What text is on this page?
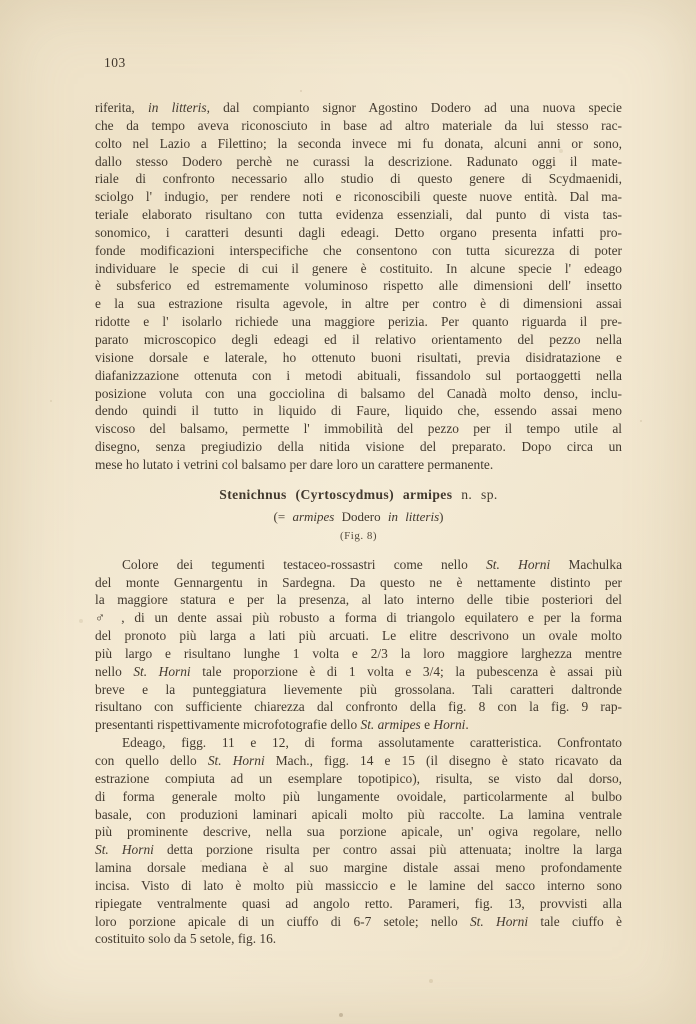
103
riferita, in litteris, dal compianto signor Agostino Dodero ad una nuova specie
che da tempo aveva riconosciuto in base ad altro materiale da lui stesso rac-
colto nel Lazio a Filettino; la seconda invece mi fu donata, alcuni anni or sono,
dallo stesso Dodero perchè ne curassi la descrizione. Radunato oggi il mate-
riale di confronto necessario allo studio di questo genere di Scydmaenidi,
sciolgo l' indugio, per rendere noti e riconoscibili queste nuove entità. Dal ma-
teriale elaborato risultano con tutta evidenza essenziali, dal punto di vista tas-
sonomico, i caratteri desunti dagli edeagi. Detto organo presenta infatti pro-
fonde modificazioni interspecifiche che consentono con tutta sicurezza di poter
individuare le specie di cui il genere è costituito. In alcune specie l' edeago
è subsferico ed estremamente voluminoso rispetto alle dimensioni dell' insetto
e la sua estrazione risulta agevole, in altre per contro è di dimensioni assai
ridotte e l' isolarlo richiede una maggiore perizia. Per quanto riguarda il pre-
parato microscopico degli edeagi ed il relativo orientamento del pezzo nella
visione dorsale e laterale, ho ottenuto buoni risultati, previa disidratazione e
diafanizzazione ottenuta con i metodi abituali, fissandolo sul portaoggetti nella
posizione voluta con una gocciolina di balsamo del Canadà molto denso, inclu-
dendo quindi il tutto in liquido di Faure, liquido che, essendo assai meno
viscoso del balsamo, permette l' immobilità del pezzo per il tempo utile al
disegno, senza pregiudizio della nitida visione del preparato. Dopo circa un
mese ho lutato i vetrini col balsamo per dare loro un carattere permanente.
Stenichnus (Cyrtoscydmus) armipes n. sp.
(= armipes Dodero in litteris)
(Fig. 8)
Colore dei tegumenti testaceo-rossastri come nello St. Horni Machulka
del monte Gennargentu in Sardegna. Da questo ne è nettamente distinto per
la maggiore statura e per la presenza, al lato interno delle tibie posteriori del
♂ , di un dente assai più robusto a forma di triangolo equilatero e per la forma
del pronoto più larga a lati più arcuati. Le elitre descrivono un ovale molto
più largo e risultano lunghe 1 volta e 2/3 la loro maggiore larghezza mentre
nello St. Horni tale proporzione è di 1 volta e 3/4; la pubescenza è assai più
breve e la punteggiatura lievemente più grossolana. Tali caratteri daltronde
risultano con sufficiente chiarezza dal confronto della fig. 8 con la fig. 9 rap-
presentanti rispettivamente microfotografie dello St. armipes e Horni.
Edeago, figg. 11 e 12, di forma assolutamente caratteristica. Confrontato
con quello dello St. Horni Mach., figg. 14 e 15 (il disegno è stato ricavato da
estrazione compiuta ad un esemplare topotipico), risulta, se visto dal dorso,
di forma generale molto più lungamente ovoidale, particolarmente al bulbo
basale, con produzioni laminari apicali molto più raccolte. La lamina ventrale
più prominente descrive, nella sua porzione apicale, un' ogiva regolare, nello
St. Horni detta porzione risulta per contro assai più attenuata; inoltre la larga
lamina dorsale mediana è al suo margine distale assai meno profondamente
incisa. Visto di lato è molto più massiccio e le lamine del sacco interno sono
ripiegate ventralmente quasi ad angolo retto. Parameri, fig. 13, provvisti alla
loro porzione apicale di un ciuffo di 6-7 setole; nello St. Horni tale ciuffo è
costituito solo da 5 setole, fig. 16.
